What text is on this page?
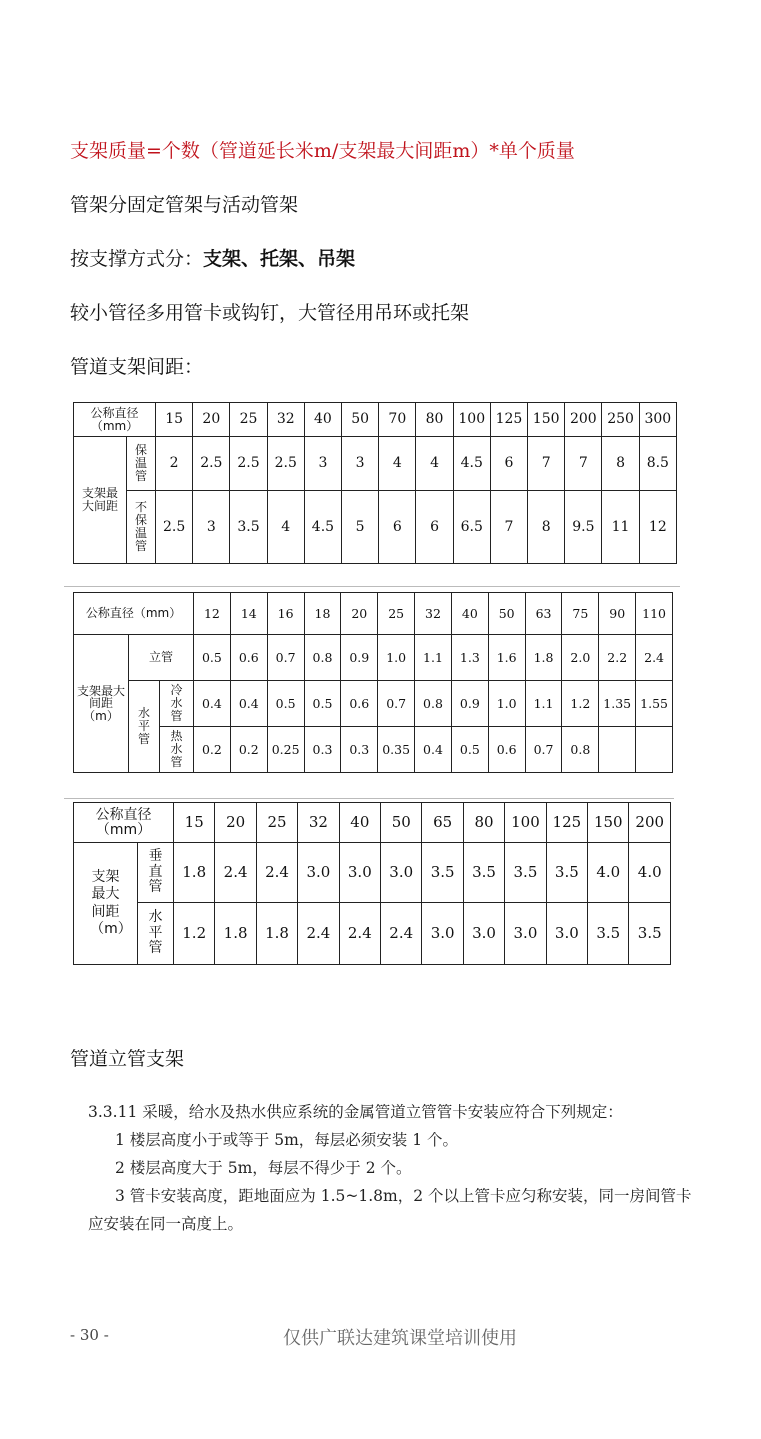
支架质量=个数（管道延长米m/支架最大间距m）*单个质量
管架分固定管架与活动管架
按支撑方式分：支架、托架、吊架
较小管径多用管卡或钩钉，大管径用吊环或托架
管道支架间距：
公称直径（mm）		15	20	25	32	40	50	70	80	100	125	150	200	250	300
支架最大间距	保温管	2	2.5	2.5	2.5	3	3	4	4	4.5	6	7	7	8	8.5
	不保温管	2.5	3	3.5	4	4.5	5	6	6	6.5	7	8	9.5	11	12
公称直径（mm）			12	14	16	18	20	25	32	40	50	63	75	90	110
支架最大间距（m）	立管		0.5	0.6	0.7	0.8	0.9	1.0	1.1	1.3	1.6	1.8	2.0	2.2	2.4
	水平管	冷水管	0.4	0.4	0.5	0.5	0.6	0.7	0.8	0.9	1.0	1.1	1.2	1.35	1.55
		热水管	0.2	0.2	0.25	0.3	0.3	0.35	0.4	0.5	0.6	0.7	0.8		
公称直径（mm）		15	20	25	32	40	50	65	80	100	125	150	200
支架最大间距（m）	垂直管	1.8	2.4	2.4	3.0	3.0	3.0	3.5	3.5	3.5	3.5	4.0	4.0
	水平管	1.2	1.8	1.8	2.4	2.4	2.4	3.0	3.0	3.0	3.0	3.5	3.5
管道立管支架
3.3.11 采暖，给水及热水供应系统的金属管道立管管卡安装应符合下列规定：
1 楼层高度小于或等于 5m，每层必须安装 1 个。
2 楼层高度大于 5m，每层不得少于 2 个。
3 管卡安装高度，距地面应为 1.5~1.8m，2 个以上管卡应匀称安装，同一房间管卡
应安装在同一高度上。
- 30 -	仅供广联达建筑课堂培训使用
